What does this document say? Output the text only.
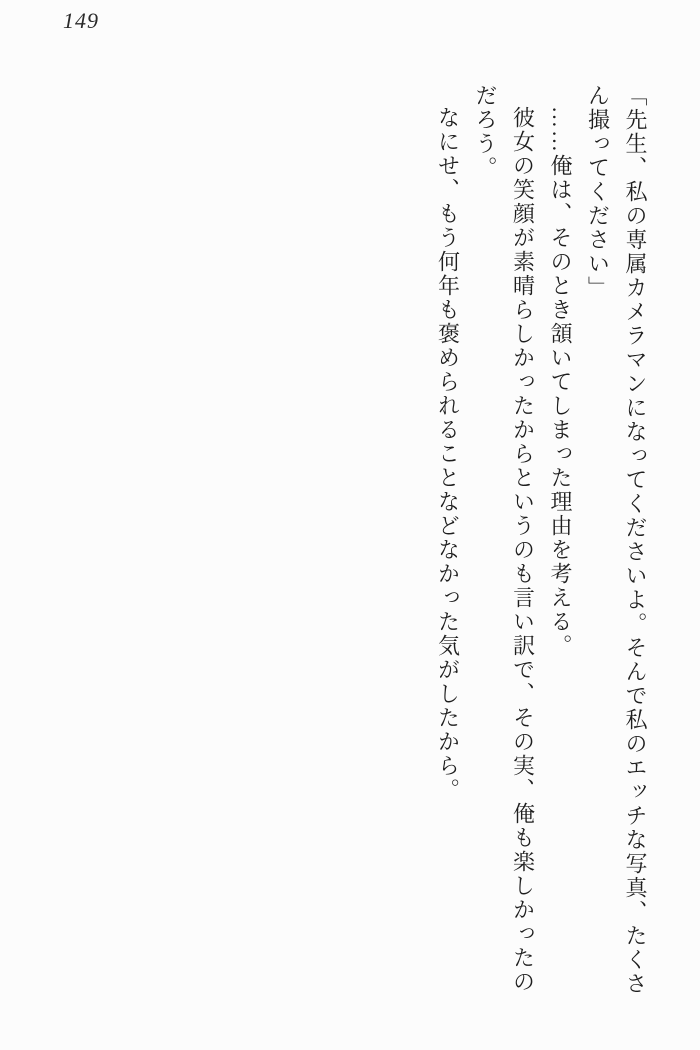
149

「先生、私の専属カメラマンになってくださいよ。そんで私のエッチな写真、たくさん撮ってください」

……俺は、そのとき頷いてしまった理由を考える。

彼女の笑顔が素晴らしかったからというのも言い訳で、その実、俺も楽しかったのだろう。

なにせ、もう何年も褒められることなどなかった気がしたから。
